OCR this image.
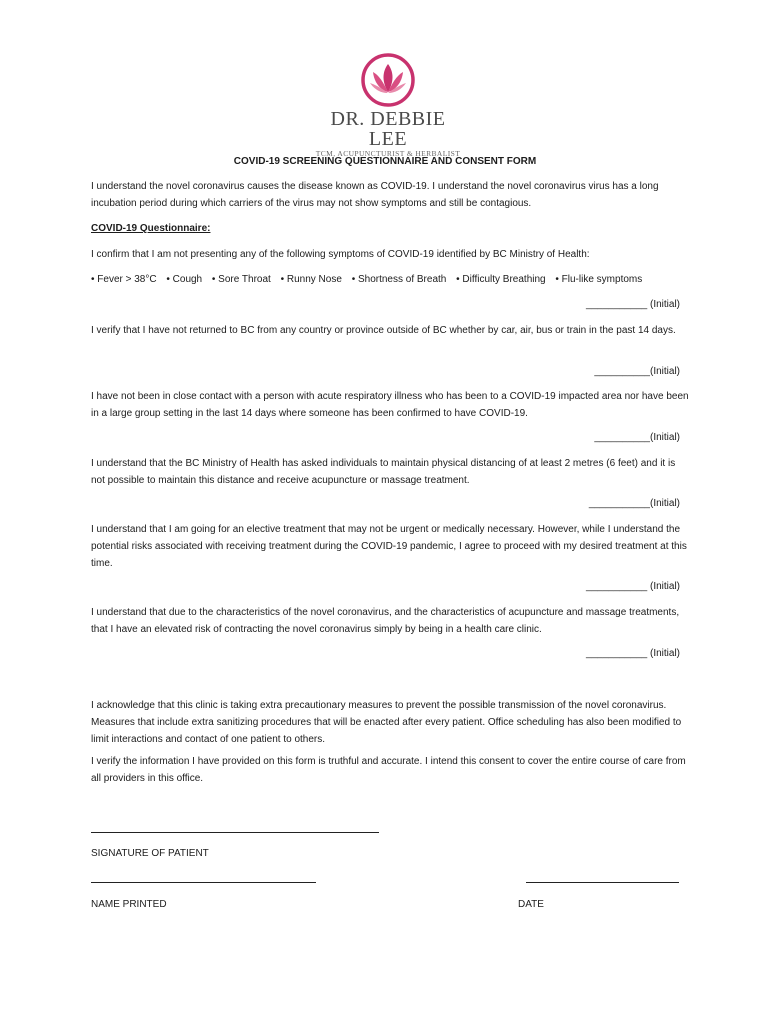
DR. DEBBIE LEE
TCM, ACUPUNCTURIST & HERBALIST
COVID-19 SCREENING QUESTIONNAIRE AND CONSENT FORM
I understand the novel coronavirus causes the disease known as COVID-19. I understand the novel coronavirus virus has a long incubation period during which carriers of the virus may not show symptoms and still be contagious.
COVID-19 Questionnaire:
I confirm that I am not presenting any of the following symptoms of COVID-19 identified by BC Ministry of Health:
• Fever > 38°C • Cough • Sore Throat • Runny Nose • Shortness of Breath • Difficulty Breathing • Flu-like symptoms
___________ (Initial)
I verify that I have not returned to BC from any country or province outside of BC whether by car, air, bus or train in the past 14 days.
__________(Initial)
I have not been in close contact with a person with acute respiratory illness who has been to a COVID-19 impacted area nor have been in a large group setting in the last 14 days where someone has been confirmed to have COVID-19.
__________(Initial)
I understand that the BC Ministry of Health has asked individuals to maintain physical distancing of at least 2 metres (6 feet) and it is not possible to maintain this distance and receive acupuncture or massage treatment.
___________(Initial)
I understand that I am going for an elective treatment that may not be urgent or medically necessary. However, while I understand the potential risks associated with receiving treatment during the COVID-19 pandemic, I agree to proceed with my desired treatment at this time.
___________ (Initial)
I understand that due to the characteristics of the novel coronavirus, and the characteristics of acupuncture and massage treatments, that I have an elevated risk of contracting the novel coronavirus simply by being in a health care clinic.
___________ (Initial)
I acknowledge that this clinic is taking extra precautionary measures to prevent the possible transmission of the novel coronavirus. Measures that include extra sanitizing procedures that will be enacted after every patient. Office scheduling has also been modified to limit interactions and contact of one patient to others.
I verify the information I have provided on this form is truthful and accurate. I intend this consent to cover the entire course of care from all providers in this office.
SIGNATURE OF PATIENT
NAME PRINTED	DATE
